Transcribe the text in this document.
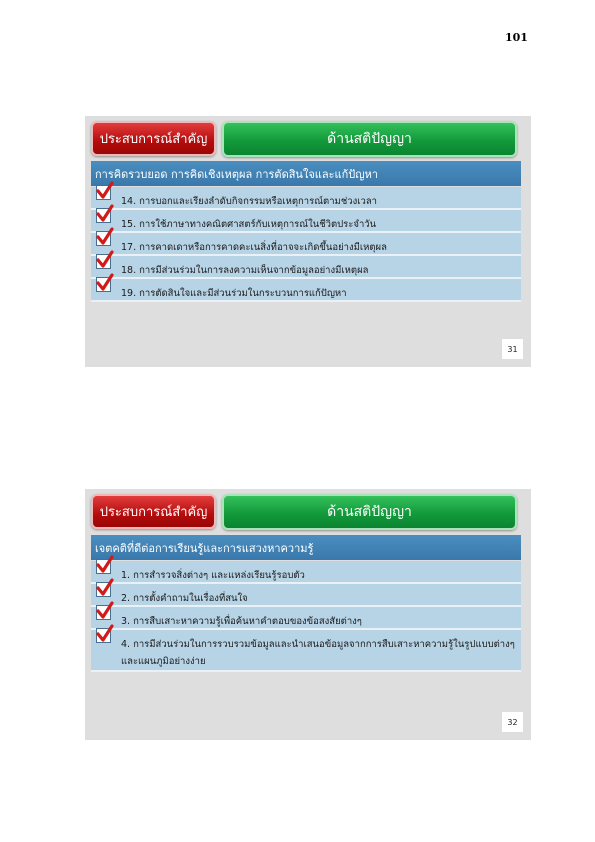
101
ประสบการณ์สำคัญ	ด้านสติปัญญา
การคิดรวบยอด การคิดเชิงเหตุผล การตัดสินใจและแก้ปัญหา
14. การบอกและเรียงลำดับกิจกรรมหรือเหตุการณ์ตามช่วงเวลา
15. การใช้ภาษาทางคณิตศาสตร์กับเหตุการณ์ในชีวิตประจำวัน
17. การคาดเดาหรือการคาดคะเนสิ่งที่อาจจะเกิดขึ้นอย่างมีเหตุผล
18. การมีส่วนร่วมในการลงความเห็นจากข้อมูลอย่างมีเหตุผล
19. การตัดสินใจและมีส่วนร่วมในกระบวนการแก้ปัญหา
31
ประสบการณ์สำคัญ	ด้านสติปัญญา
เจตคติที่ดีต่อการเรียนรู้และการแสวงหาความรู้
1. การสำรวจสิ่งต่างๆ และแหล่งเรียนรู้รอบตัว
2. การตั้งคำถามในเรื่องที่สนใจ
3. การสืบเสาะหาความรู้เพื่อค้นหาคำตอบของข้อสงสัยต่างๆ
4. การมีส่วนร่วมในการรวบรวมข้อมูลและนำเสนอข้อมูลจากการสืบเสาะหาความรู้ในรูปแบบต่างๆ และแผนภูมิอย่างง่าย
32
